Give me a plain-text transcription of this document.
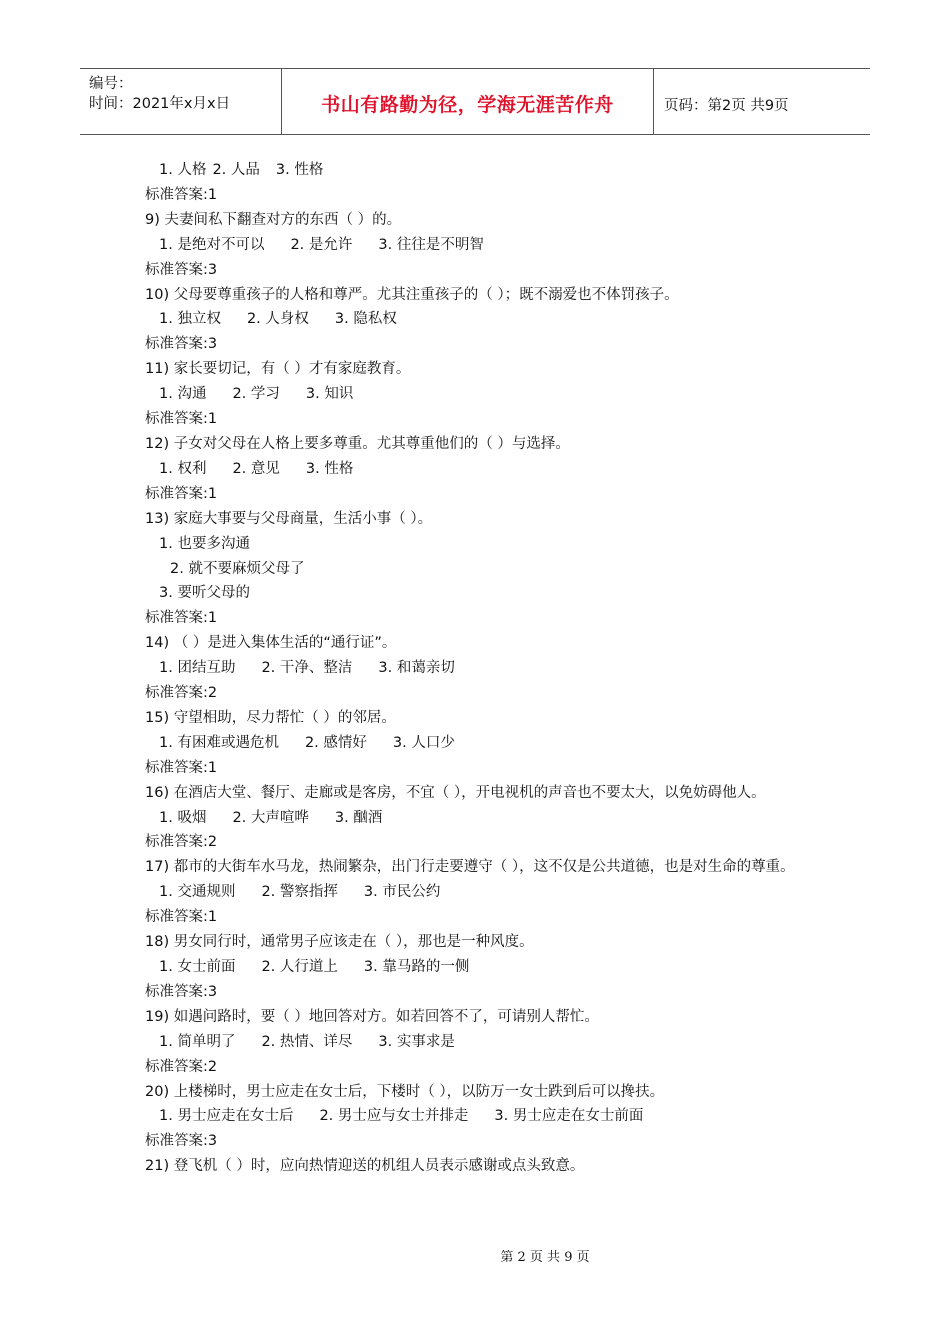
编号：
时间：2021年x月x日	书山有路勤为径，学海无涯苦作舟	页码：第2页 共9页
1. 人格 2. 人品 3. 性格
标准答案:1
9) 夫妻间私下翻查对方的东西（ ）的。
1. 是绝对不可以 2. 是允许 3. 往往是不明智
标准答案:3
10) 父母要尊重孩子的人格和尊严。尤其注重孩子的（ ）；既不溺爱也不体罚孩子。
1. 独立权 2. 人身权 3. 隐私权
标准答案:3
11) 家长要切记，有（ ）才有家庭教育。
1. 沟通 2. 学习 3. 知识
标准答案:1
12) 子女对父母在人格上要多尊重。尤其尊重他们的（ ）与选择。
1. 权利 2. 意见 3. 性格
标准答案:1
13) 家庭大事要与父母商量，生活小事（ ）。
1. 也要多沟通
2. 就不要麻烦父母了
3. 要听父母的
标准答案:1
14) （ ）是进入集体生活的“通行证”。
1. 团结互助 2. 干净、整洁 3. 和蔼亲切
标准答案:2
15) 守望相助，尽力帮忙（ ）的邻居。
1. 有困难或遇危机 2. 感情好 3. 人口少
标准答案:1
16) 在酒店大堂、餐厅、走廊或是客房，不宜（ ），开电视机的声音也不要太大，以免妨碍他人。
1. 吸烟 2. 大声喧哗 3. 酗酒
标准答案:2
17) 都市的大街车水马龙，热闹繁杂，出门行走要遵守（ ），这不仅是公共道德，也是对生命的尊重。
1. 交通规则 2. 警察指挥 3. 市民公约
标准答案:1
18) 男女同行时，通常男子应该走在（ ），那也是一种风度。
1. 女士前面 2. 人行道上 3. 靠马路的一侧
标准答案:3
19) 如遇问路时，要（ ）地回答对方。如若回答不了，可请别人帮忙。
1. 简单明了 2. 热情、详尽 3. 实事求是
标准答案:2
20) 上楼梯时，男士应走在女士后，下楼时（ ），以防万一女士跌到后可以搀扶。
1. 男士应走在女士后 2. 男士应与女士并排走 3. 男士应走在女士前面
标准答案:3
21) 登飞机（ ）时，应向热情迎送的机组人员表示感谢或点头致意。
第 2 页 共 9 页
